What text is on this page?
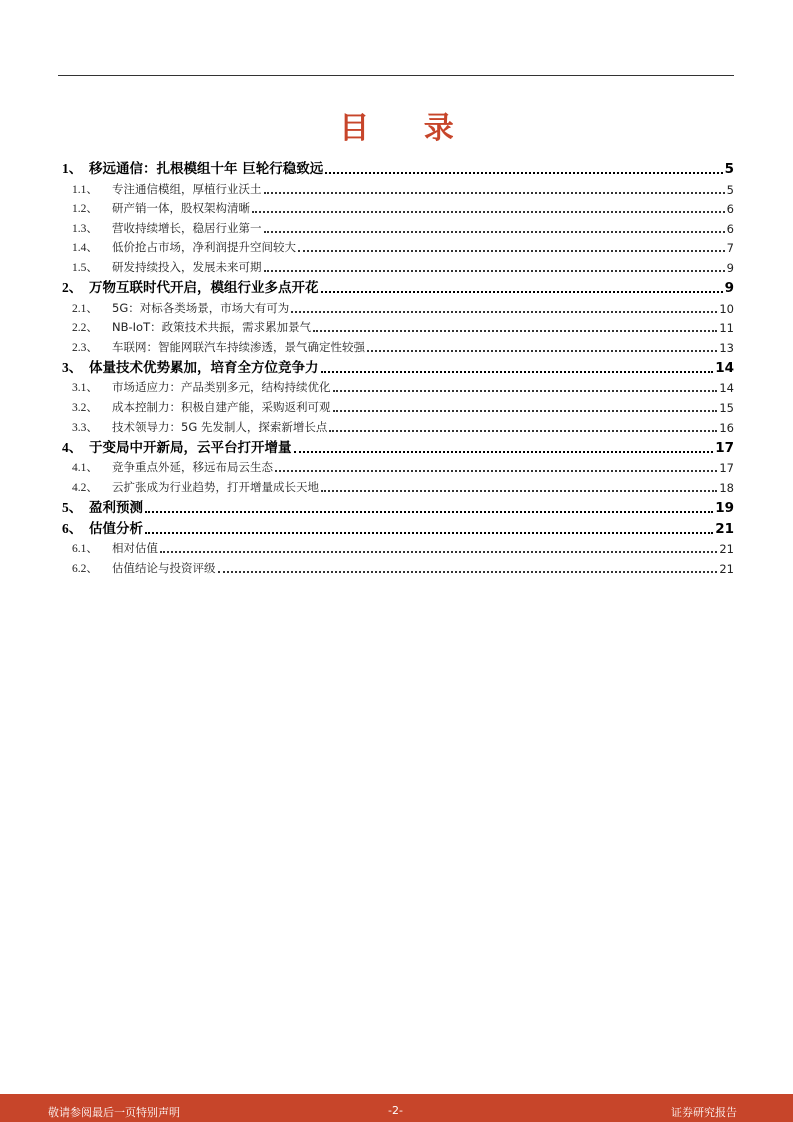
目 录
1、 移远通信：扎根模组十年 巨轮行稳致远	5
1.1、	专注通信模组，厚植行业沃土	5
1.2、	研产销一体，股权架构清晰	6
1.3、	营收持续增长，稳居行业第一	6
1.4、	低价抢占市场，净利润提升空间较大	7
1.5、	研发持续投入，发展未来可期	9
2、 万物互联时代开启，模组行业多点开花	9
2.1、	5G：对标各类场景，市场大有可为	10
2.2、	NB-IoT：政策技术共振，需求累加景气	11
2.3、	车联网：智能网联汽车持续渗透，景气确定性较强	13
3、 体量技术优势累加，培育全方位竞争力	14
3.1、	市场适应力：产品类别多元，结构持续优化	14
3.2、	成本控制力：积极自建产能，采购返利可观	15
3.3、	技术领导力：5G 先发制人，探索新增长点	16
4、 于变局中开新局，云平台打开增量	17
4.1、	竞争重点外延，移远布局云生态	17
4.2、	云扩张成为行业趋势，打开增量成长天地	18
5、 盈利预测	19
6、 估值分析	21
6.1、	相对估值	21
6.2、	估值结论与投资评级	21
敬请参阅最后一页特别声明	-2-	证券研究报告
